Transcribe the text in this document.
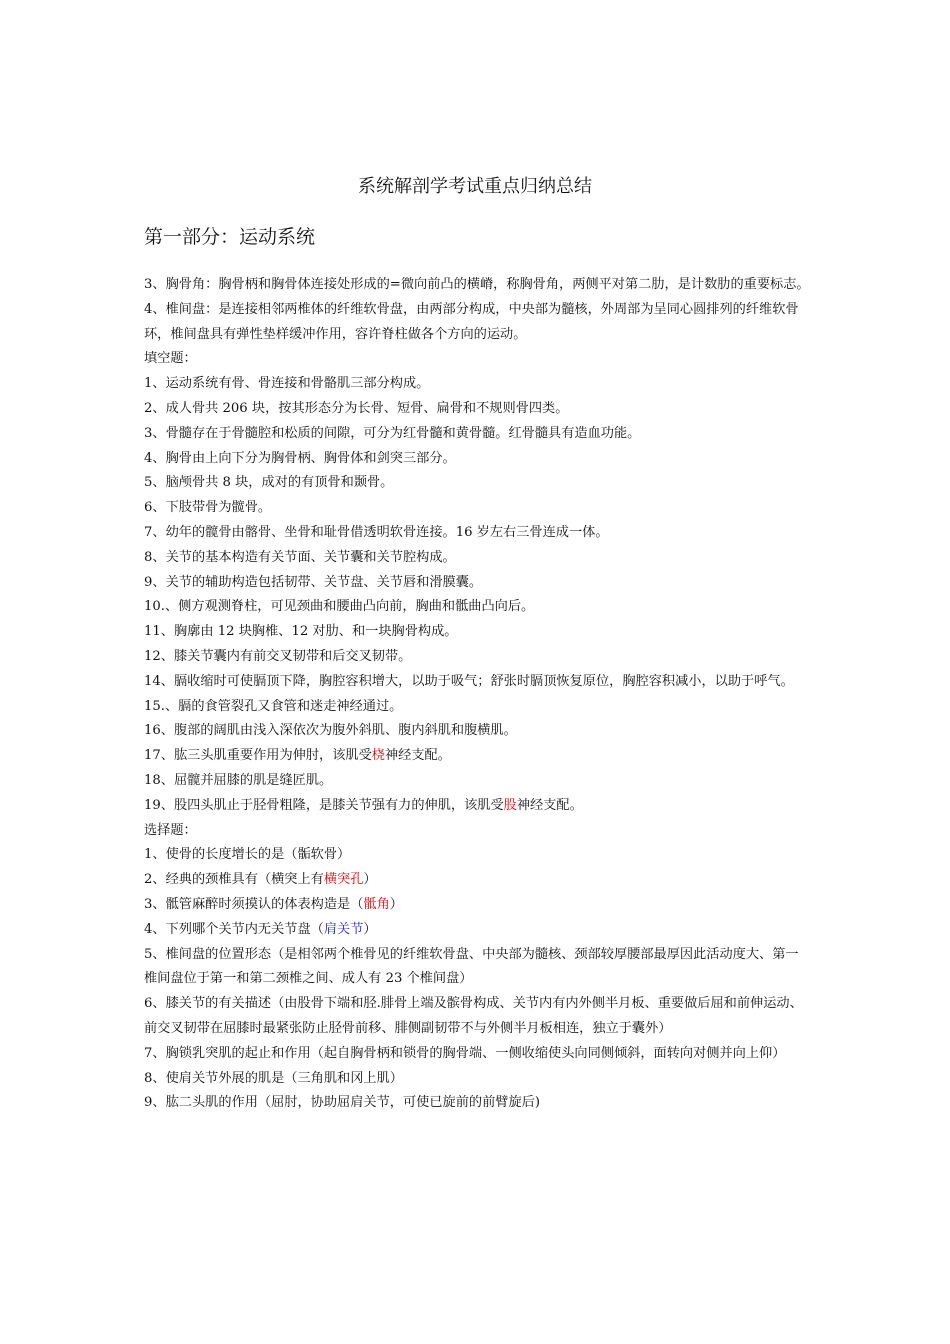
系统解剖学考试重点归纳总结
第一部分：运动系统

3、胸骨角：胸骨柄和胸骨体连接处形成的=微向前凸的横嵴，称胸骨角，两侧平对第二肋，是计数肋的重要标志。

4、椎间盘：是连接相邻两椎体的纤维软骨盘，由两部分构成，中央部为髓核，外周部为呈同心圆排列的纤维软骨环，椎间盘具有弹性垫样缓冲作用，容许脊柱做各个方向的运动。

填空题：

1、运动系统有骨、骨连接和骨骼肌三部分构成。

2、成人骨共 206 块，按其形态分为长骨、短骨、扁骨和不规则骨四类。

3、骨髓存在于骨髓腔和松质的间隙，可分为红骨髓和黄骨髓。红骨髓具有造血功能。

4、胸骨由上向下分为胸骨柄、胸骨体和剑突三部分。

5、脑颅骨共 8 块，成对的有顶骨和颞骨。

6、下肢带骨为髋骨。

7、幼年的髋骨由髂骨、坐骨和耻骨借透明软骨连接。16 岁左右三骨连成一体。

8、关节的基本构造有关节面、关节囊和关节腔构成。

9、关节的辅助构造包括韧带、关节盘、关节唇和滑膜囊。

10.、侧方观测脊柱，可见颈曲和腰曲凸向前，胸曲和骶曲凸向后。

11、胸廓由 12 块胸椎、12 对肋、和一块胸骨构成。

12、膝关节囊内有前交叉韧带和后交叉韧带。

14、膈收缩时可使膈顶下降，胸腔容积增大，以助于吸气；舒张时膈顶恢复原位，胸腔容积减小，以助于呼气。

15.、膈的食管裂孔又食管和迷走神经通过。

16、腹部的阔肌由浅入深依次为腹外斜肌、腹内斜肌和腹横肌。

17、肱三头肌重要作用为伸肘，该肌受桡神经支配。

18、屈髋并屈膝的肌是缝匠肌。

19、股四头肌止于胫骨粗隆，是膝关节强有力的伸肌，该肌受股神经支配。

选择题：

1、使骨的长度增长的是（骺软骨）

2、经典的颈椎具有（横突上有横突孔）

3、骶管麻醉时须摸认的体表构造是（骶角）

4、下列哪个关节内无关节盘（肩关节）

5、椎间盘的位置形态（是相邻两个椎骨见的纤维软骨盘、中央部为髓核、颈部较厚腰部最厚因此活动度大、第一椎间盘位于第一和第二颈椎之间、成人有 23 个椎间盘）

6、膝关节的有关描述（由股骨下端和胫.腓骨上端及髌骨构成、关节内有内外侧半月板、重要做后屈和前伸运动、前交叉韧带在屈膝时最紧张防止胫骨前移、腓侧副韧带不与外侧半月板相连，独立于囊外）

7、胸锁乳突肌的起止和作用（起自胸骨柄和锁骨的胸骨端、一侧收缩使头向同侧倾斜，面转向对侧并向上仰）

8、使肩关节外展的肌是（三角肌和冈上肌）

9、肱二头肌的作用（屈肘，协助屈肩关节，可使已旋前的前臂旋后)
